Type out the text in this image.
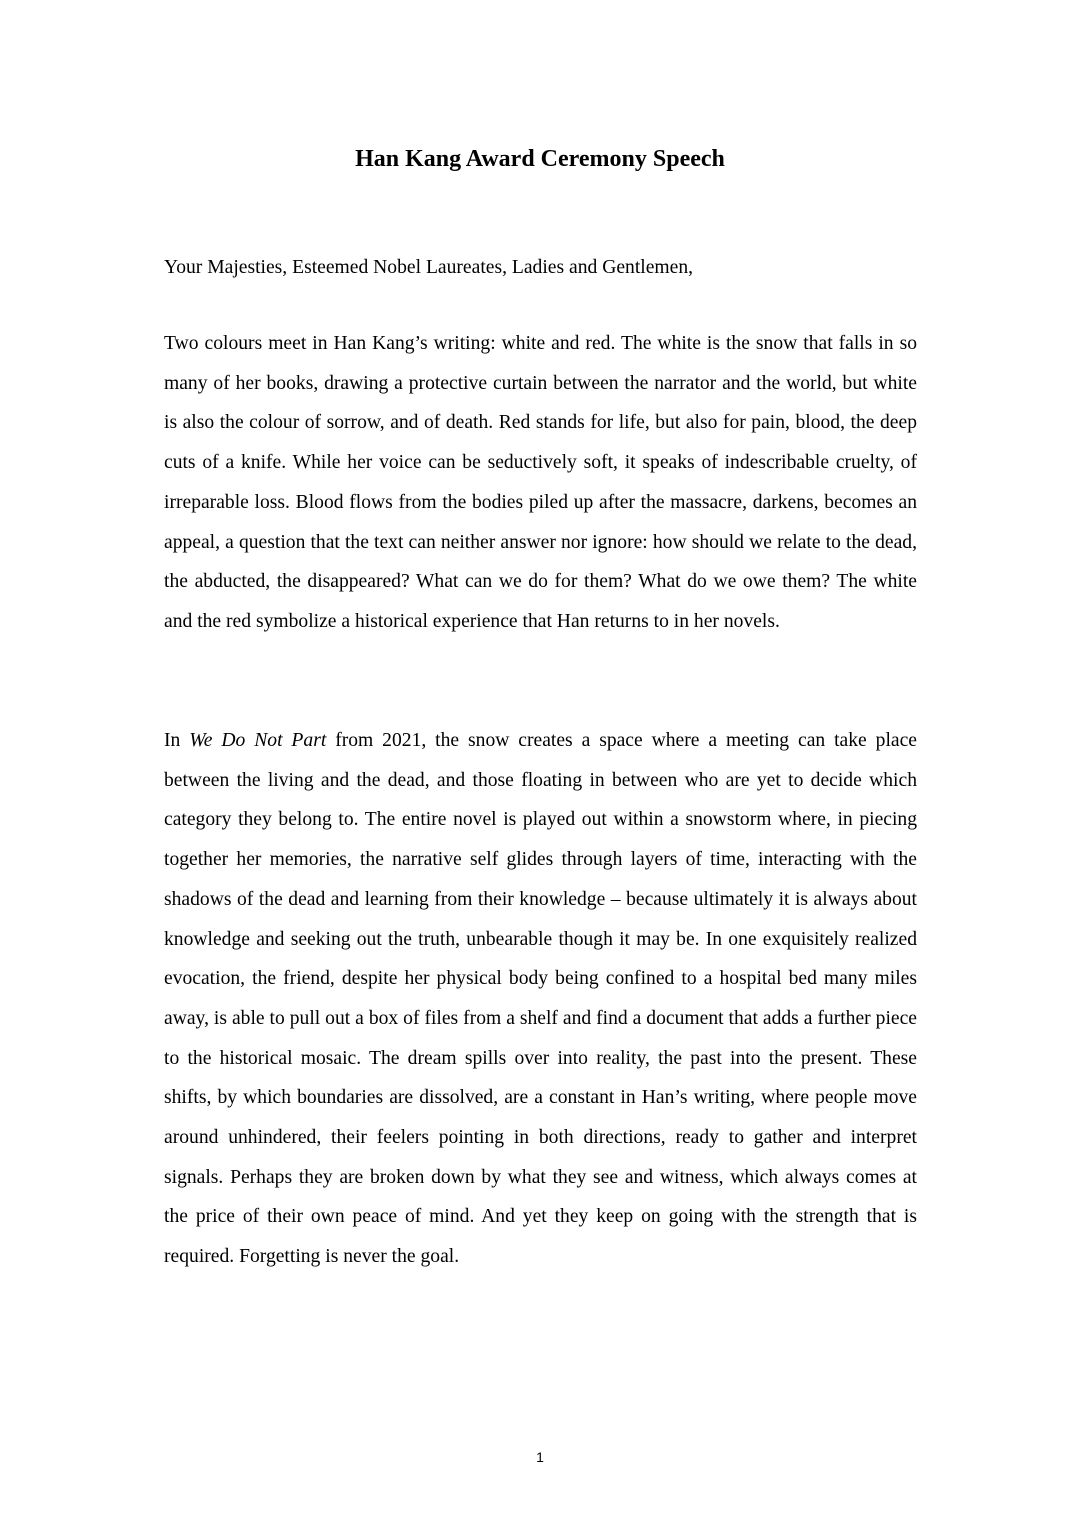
Han Kang Award Ceremony Speech

Your Majesties, Esteemed Nobel Laureates, Ladies and Gentlemen,

Two colours meet in Han Kang’s writing: white and red. The white is the snow that falls in so many of her books, drawing a protective curtain between the narrator and the world, but white is also the colour of sorrow, and of death. Red stands for life, but also for pain, blood, the deep cuts of a knife. While her voice can be seductively soft, it speaks of indescribable cruelty, of irreparable loss. Blood flows from the bodies piled up after the massacre, darkens, becomes an appeal, a question that the text can neither answer nor ignore: how should we relate to the dead, the abducted, the disappeared? What can we do for them? What do we owe them? The white and the red symbolize a historical experience that Han returns to in her novels.

In We Do Not Part from 2021, the snow creates a space where a meeting can take place between the living and the dead, and those floating in between who are yet to decide which category they belong to. The entire novel is played out within a snowstorm where, in piecing together her memories, the narrative self glides through layers of time, interacting with the shadows of the dead and learning from their knowledge – because ultimately it is always about knowledge and seeking out the truth, unbearable though it may be. In one exquisitely realized evocation, the friend, despite her physical body being confined to a hospital bed many miles away, is able to pull out a box of files from a shelf and find a document that adds a further piece to the historical mosaic. The dream spills over into reality, the past into the present. These shifts, by which boundaries are dissolved, are a constant in Han’s writing, where people move around unhindered, their feelers pointing in both directions, ready to gather and interpret signals. Perhaps they are broken down by what they see and witness, which always comes at the price of their own peace of mind. And yet they keep on going with the strength that is required. Forgetting is never the goal.

1
